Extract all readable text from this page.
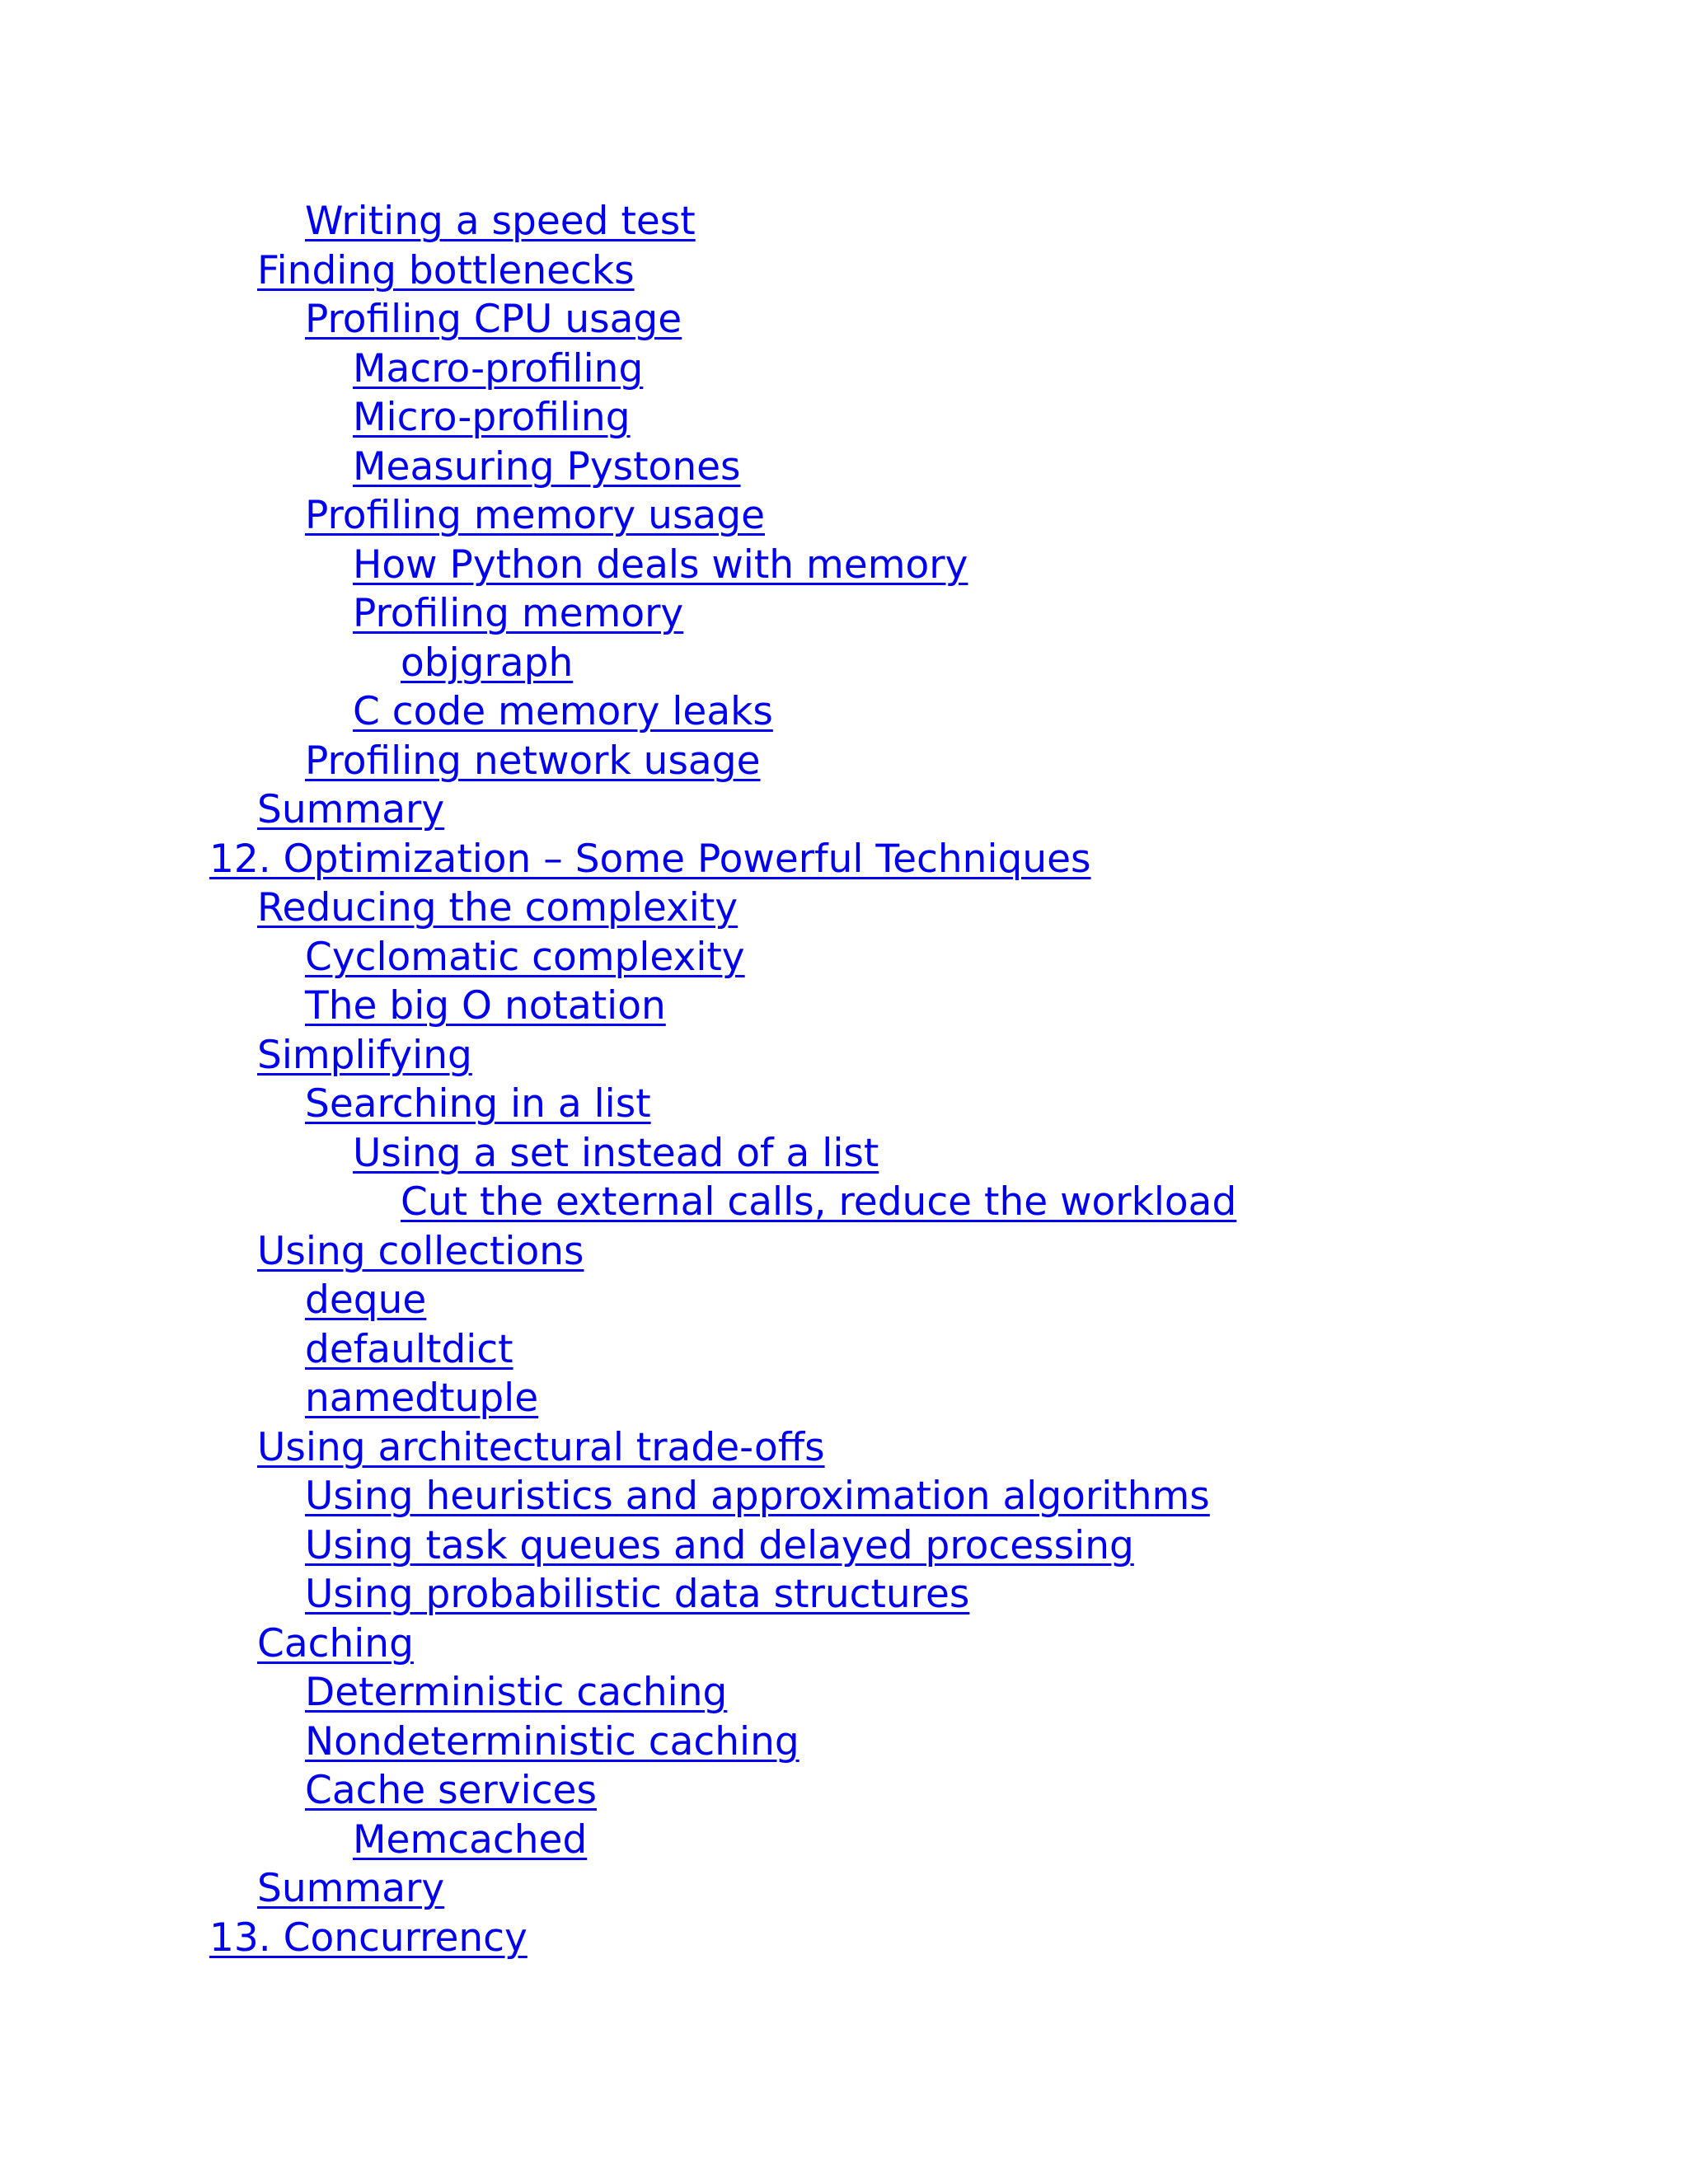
Writing a speed test
Finding bottlenecks
Profiling CPU usage
Macro-profiling
Micro-profiling
Measuring Pystones
Profiling memory usage
How Python deals with memory
Profiling memory
objgraph
C code memory leaks
Profiling network usage
Summary
12. Optimization – Some Powerful Techniques
Reducing the complexity
Cyclomatic complexity
The big O notation
Simplifying
Searching in a list
Using a set instead of a list
Cut the external calls, reduce the workload
Using collections
deque
defaultdict
namedtuple
Using architectural trade-offs
Using heuristics and approximation algorithms
Using task queues and delayed processing
Using probabilistic data structures
Caching
Deterministic caching
Nondeterministic caching
Cache services
Memcached
Summary
13. Concurrency
